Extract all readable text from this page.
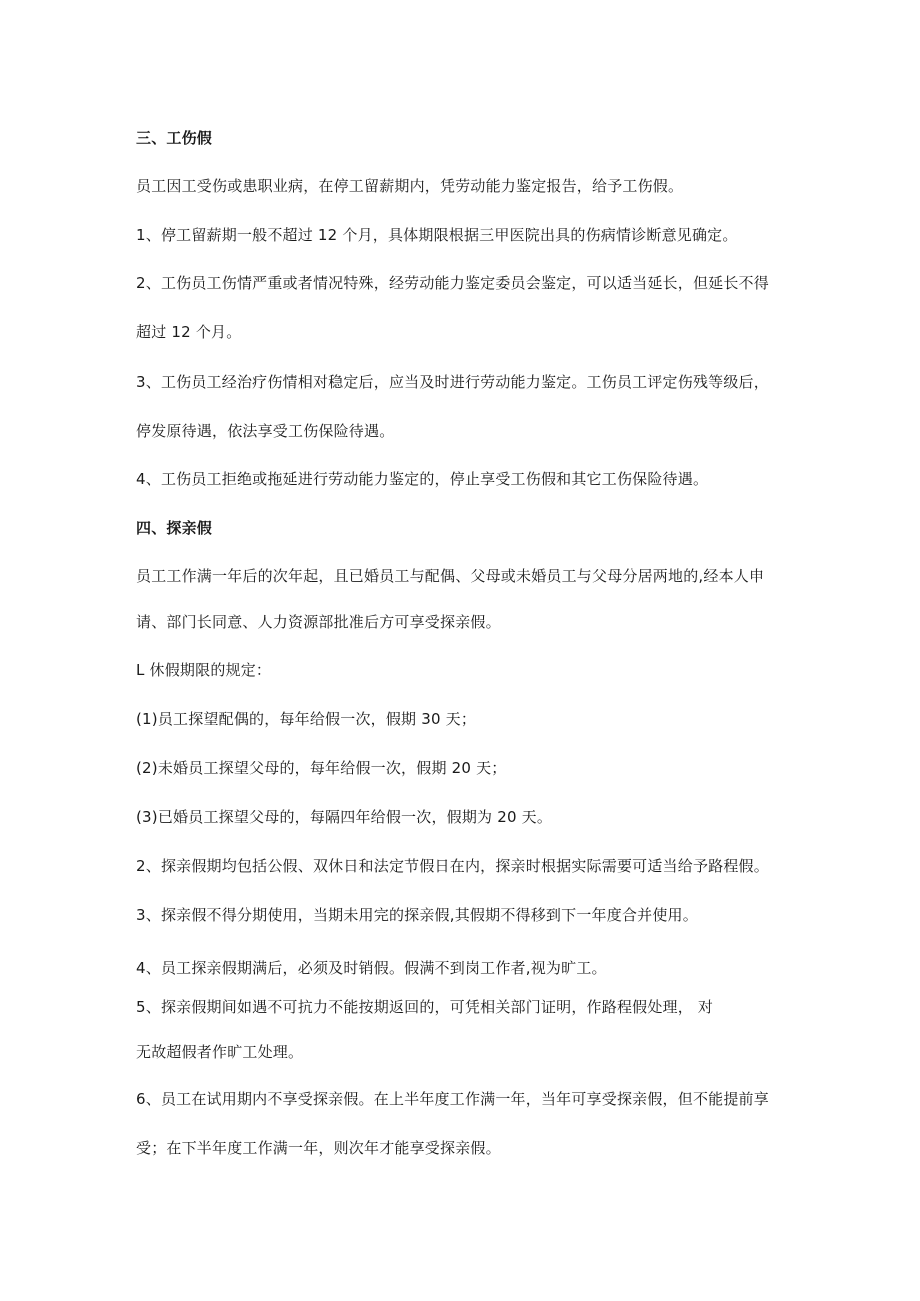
三、工伤假
员工因工受伤或患职业病，在停工留薪期内，凭劳动能力鉴定报告，给予工伤假。
1、停工留薪期一般不超过 12 个月，具体期限根据三甲医院出具的伤病情诊断意见确定。
2、工伤员工伤情严重或者情况特殊，经劳动能力鉴定委员会鉴定，可以适当延长，但延长不得
超过 12 个月。
3、工伤员工经治疗伤情相对稳定后，应当及时进行劳动能力鉴定。工伤员工评定伤残等级后，
停发原待遇，依法享受工伤保险待遇。
4、工伤员工拒绝或拖延进行劳动能力鉴定的，停止享受工伤假和其它工伤保险待遇。
四、探亲假
员工工作满一年后的次年起，且已婚员工与配偶、父母或未婚员工与父母分居两地的,经本人申
请、部门长同意、人力资源部批准后方可享受探亲假。
L 休假期限的规定：
(1)员工探望配偶的，每年给假一次，假期 30 天；
(2)未婚员工探望父母的，每年给假一次，假期 20 天；
(3)已婚员工探望父母的，每隔四年给假一次，假期为 20 天。
2、探亲假期均包括公假、双休日和法定节假日在内，探亲时根据实际需要可适当给予路程假。
3、探亲假不得分期使用，当期未用完的探亲假,其假期不得移到下一年度合并使用。
4、员工探亲假期满后，必须及时销假。假满不到岗工作者,视为旷工。
5、探亲假期间如遇不可抗力不能按期返回的，可凭相关部门证明，作路程假处理， 对
无故超假者作旷工处理。
6、员工在试用期内不享受探亲假。在上半年度工作满一年，当年可享受探亲假，但不能提前享
受；在下半年度工作满一年，则次年才能享受探亲假。
